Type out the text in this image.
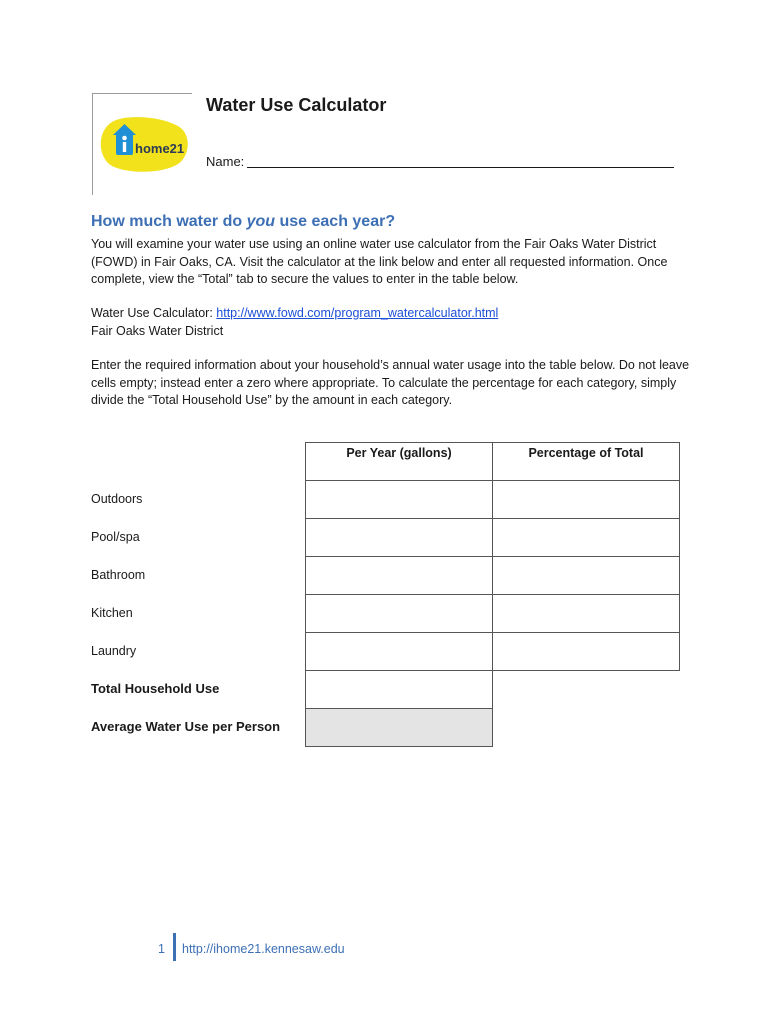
home21
Water Use Calculator
Name:
How much water do you use each year?
You will examine your water use using an online water use calculator from the Fair Oaks Water District (FOWD) in Fair Oaks, CA. Visit the calculator at the link below and enter all requested information. Once complete, view the “Total” tab to secure the values to enter in the table below.
Water Use Calculator: http://www.fowd.com/program_watercalculator.html
Fair Oaks Water District
Enter the required information about your household’s annual water usage into the table below. Do not leave cells empty; instead enter a zero where appropriate. To calculate the percentage for each category, simply divide the “Total Household Use” by the amount in each category.
Per Year (gallons)	Percentage of Total
Outdoors
Pool/spa
Bathroom
Kitchen
Laundry
Total Household Use
Average Water Use per Person
1 http://ihome21.kennesaw.edu
